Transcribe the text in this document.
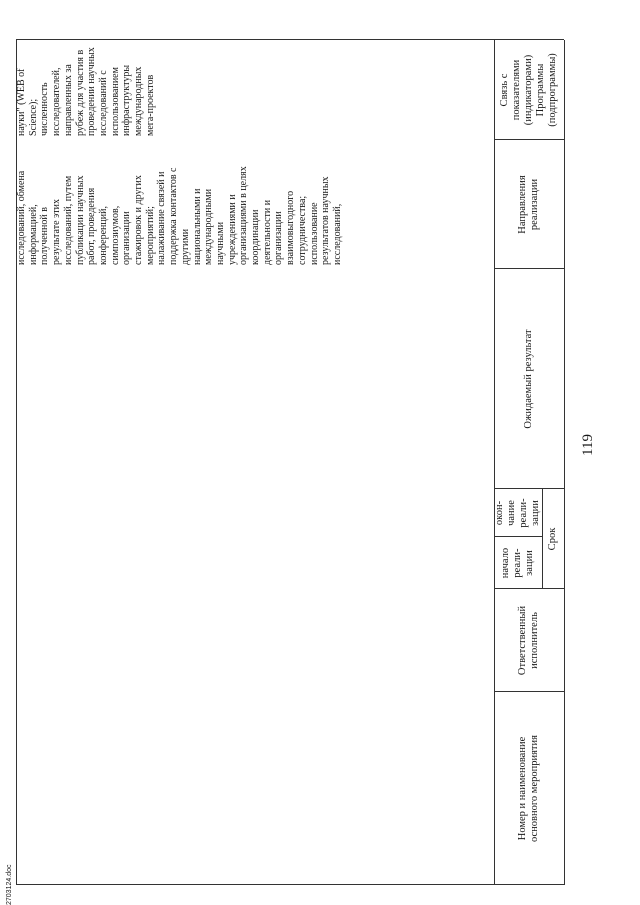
119
2703124.doc
Номер и наименование
основного мероприятия
Ответственный
исполнитель
Срок
начало
реали-
зации
окон-
чание
реали-
зации
Ожидаемый результат
Направления
реализации
Связь с
показателями
(индикаторами)
Программы
(подпрограммы)
исследований, обмена
информацией,
полученной в
результате этих
исследований, путем
публикации научных
работ, проведения
конференций,
симпозиумов,
организации
стажировок и других
мероприятий;
налаживание связей и
поддержка контактов с
другими
национальными и
международными
научными
учреждениями и
организациями в целях
координации
деятельности и
организации
взаимовыгодного
сотрудничества;
использование
результатов научных
исследований,
науки" (WEB of
Science);
численность
исследователей,
направленных за
рубеж для участия в
проведении научных
исследований с
использованием
инфраструктуры
международных
мега-проектов
